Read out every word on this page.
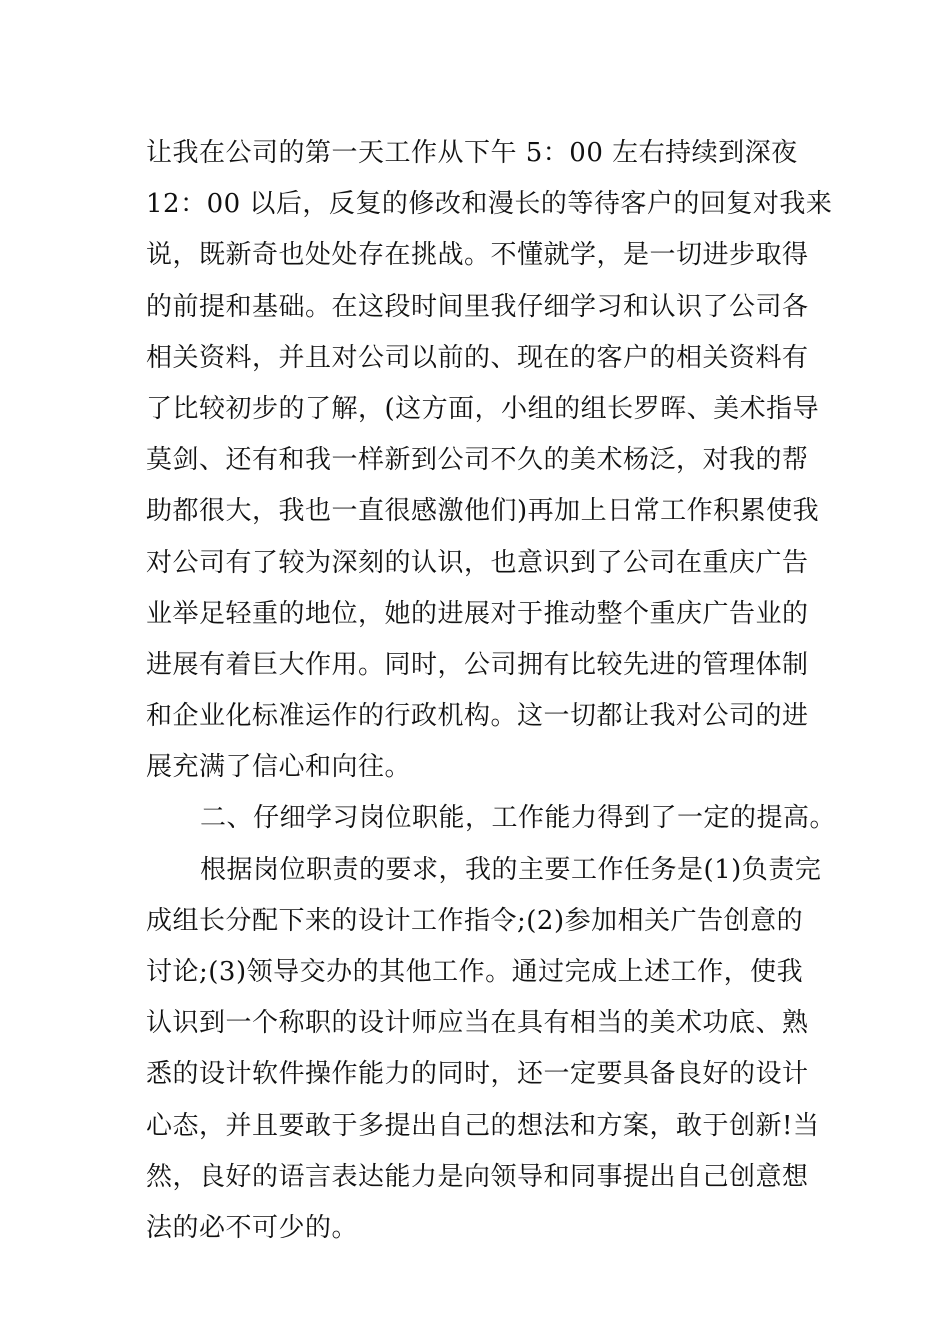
让我在公司的第一天工作从下午 5：00 左右持续到深夜
12：00 以后，反复的修改和漫长的等待客户的回复对我来
说，既新奇也处处存在挑战。不懂就学，是一切进步取得
的前提和基础。在这段时间里我仔细学习和认识了公司各
相关资料，并且对公司以前的、现在的客户的相关资料有
了比较初步的了解，(这方面，小组的组长罗晖、美术指导
莫剑、还有和我一样新到公司不久的美术杨泛，对我的帮
助都很大，我也一直很感激他们)再加上日常工作积累使我
对公司有了较为深刻的认识，也意识到了公司在重庆广告
业举足轻重的地位，她的进展对于推动整个重庆广告业的
进展有着巨大作用。同时，公司拥有比较先进的管理体制
和企业化标准运作的行政机构。这一切都让我对公司的进
展充满了信心和向往。
二、仔细学习岗位职能，工作能力得到了一定的提高。
根据岗位职责的要求，我的主要工作任务是(1)负责完
成组长分配下来的设计工作指令;(2)参加相关广告创意的
讨论;(3)领导交办的其他工作。通过完成上述工作，使我
认识到一个称职的设计师应当在具有相当的美术功底、熟
悉的设计软件操作能力的同时，还一定要具备良好的设计
心态，并且要敢于多提出自己的想法和方案，敢于创新!当
然，良好的语言表达能力是向领导和同事提出自己创意想
法的必不可少的。
